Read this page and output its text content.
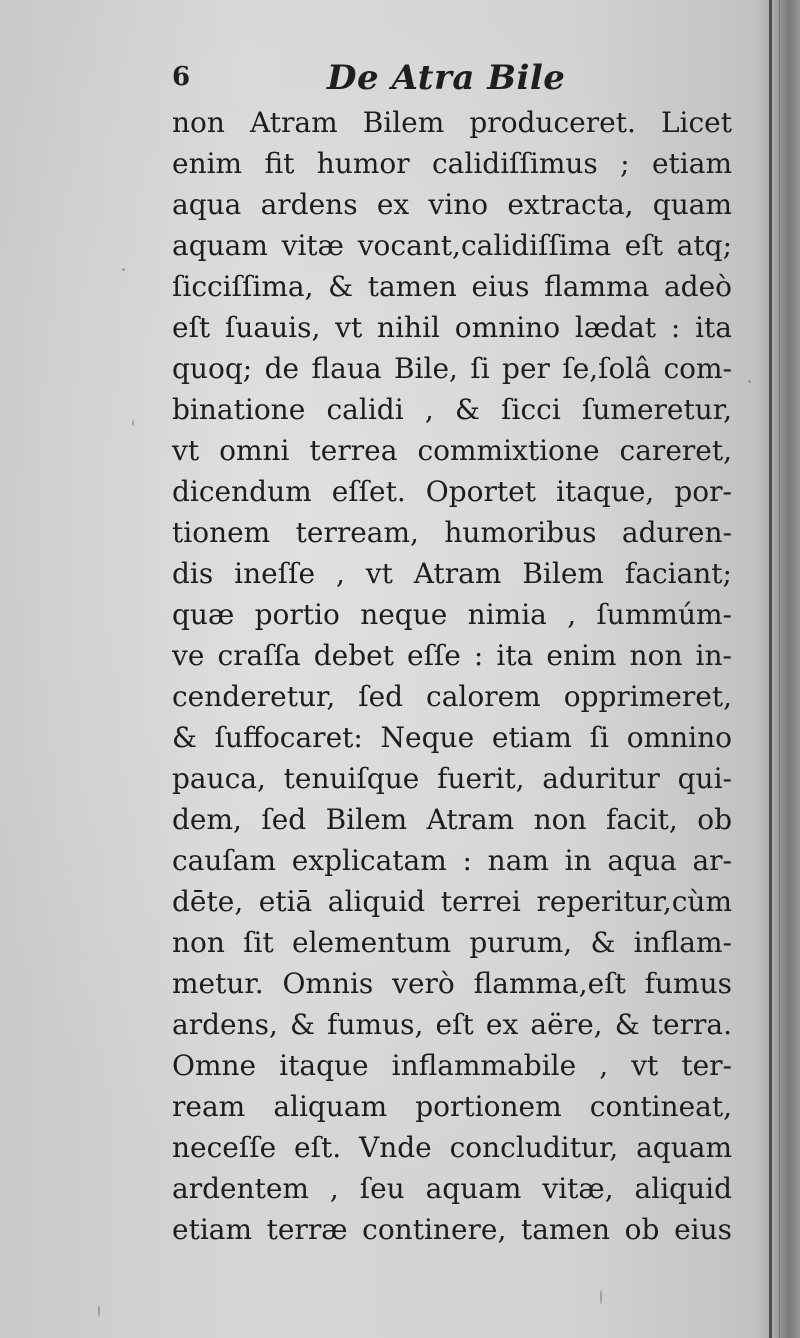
6	De Atra Bile
non Atram Bilem produceret. Licet
enim fit humor calidiſſimus ; etiam
aqua ardens ex vino extracta, quam
aquam vitæ vocant,calidiſſima eſt atq;
ſicciſſima, & tamen eius flamma adeò
eſt ſuauis, vt nihil omnino lædat : ita
quoq; de flaua Bile, ſi per ſe,ſolâ com-
binatione calidi , & ſicci ſumeretur,
vt omni terrea commixtione careret,
dicendum eſſet. Oportet itaque, por-
tionem terream, humoribus aduren-
dis ineſſe , vt Atram Bilem faciant;
quæ portio neque nimia , ſummúm-
ve craſſa debet eſſe : ita enim non in-
cenderetur, ſed calorem opprimeret,
& ſuffocaret: Neque etiam ſi omnino
pauca, tenuiſque fuerit, aduritur qui-
dem, ſed Bilem Atram non facit, ob
cauſam explicatam : nam in aqua ar-
dēte, etiā aliquid terrei reperitur,cùm
non ſit elementum purum, & inflam-
metur. Omnis verò flamma,eſt fumus
ardens, & fumus, eſt ex aëre, & terra.
Omne itaque inflammabile , vt ter-
ream aliquam portionem contineat,
neceſſe eſt. Vnde concluditur, aquam
ardentem , ſeu aquam vitæ, aliquid
etiam terræ continere, tamen ob eius
